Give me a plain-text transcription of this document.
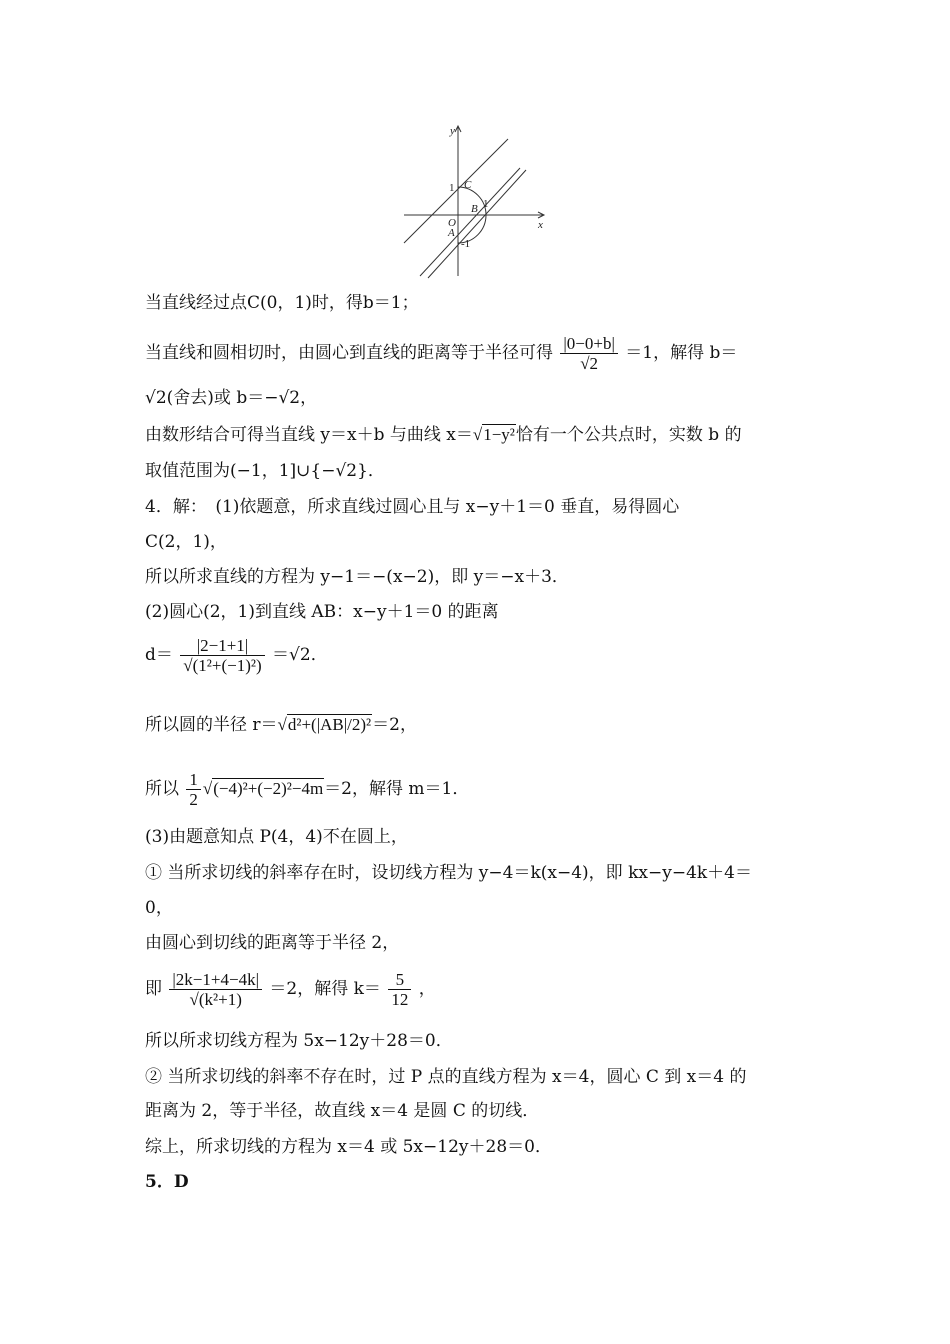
y
x
O
C
B
A
1
1
-1
当直线经过点C(0，1)时，得b＝1；
当直线和圆相切时，由圆心到直线的距离等于半径可得 $\frac{|0-0+b|}{√2} =1$，解得 b＝
√2(舍去)或 b＝−√2，
由数形结合可得当直线 y＝x＋b 与曲线 x＝√1−y²恰有一个公共点时，实数 b 的
取值范围为(−1，1]∪{−√2}．
4．解：　(1)依题意，所求直线过圆心且与 x−y＋1＝0 垂直，易得圆心
C(2，1)，
所以所求直线的方程为 y−1＝−(x−2)，即 y＝−x＋3．
(2)圆心(2，1)到直线 AB：x−y＋1＝0 的距离
$d= \frac{|2-1+1|}{\text{√(1²+(−1)²)}} =√2$．
所以圆的半径 r＝√d²+(|AB|/2)²＝2，
所以 $\frac{1}{2} √(-4)^2+(-2)^2-4m=2$，解得 m＝1．
(3)由题意知点 P(4，4)不在圆上，
① 当所求切线的斜率存在时，设切线方程为 y−4＝k(x−4)，即 kx−y−4k＋4＝
0，
由圆心到切线的距离等于半径 2，
即 $\frac{|2k-1+4-4k|}{\text{√(k²+1)}} =2$，解得 $k= \frac{5}{12}$ ，
所以所求切线方程为 5x−12y＋28＝0．
② 当所求切线的斜率不存在时，过 P 点的直线方程为 x＝4，圆心 C 到 x＝4 的
距离为 2，等于半径，故直线 x＝4 是圆 C 的切线．
综上，所求切线的方程为 x＝4 或 5x−12y＋28＝0．
5．D
